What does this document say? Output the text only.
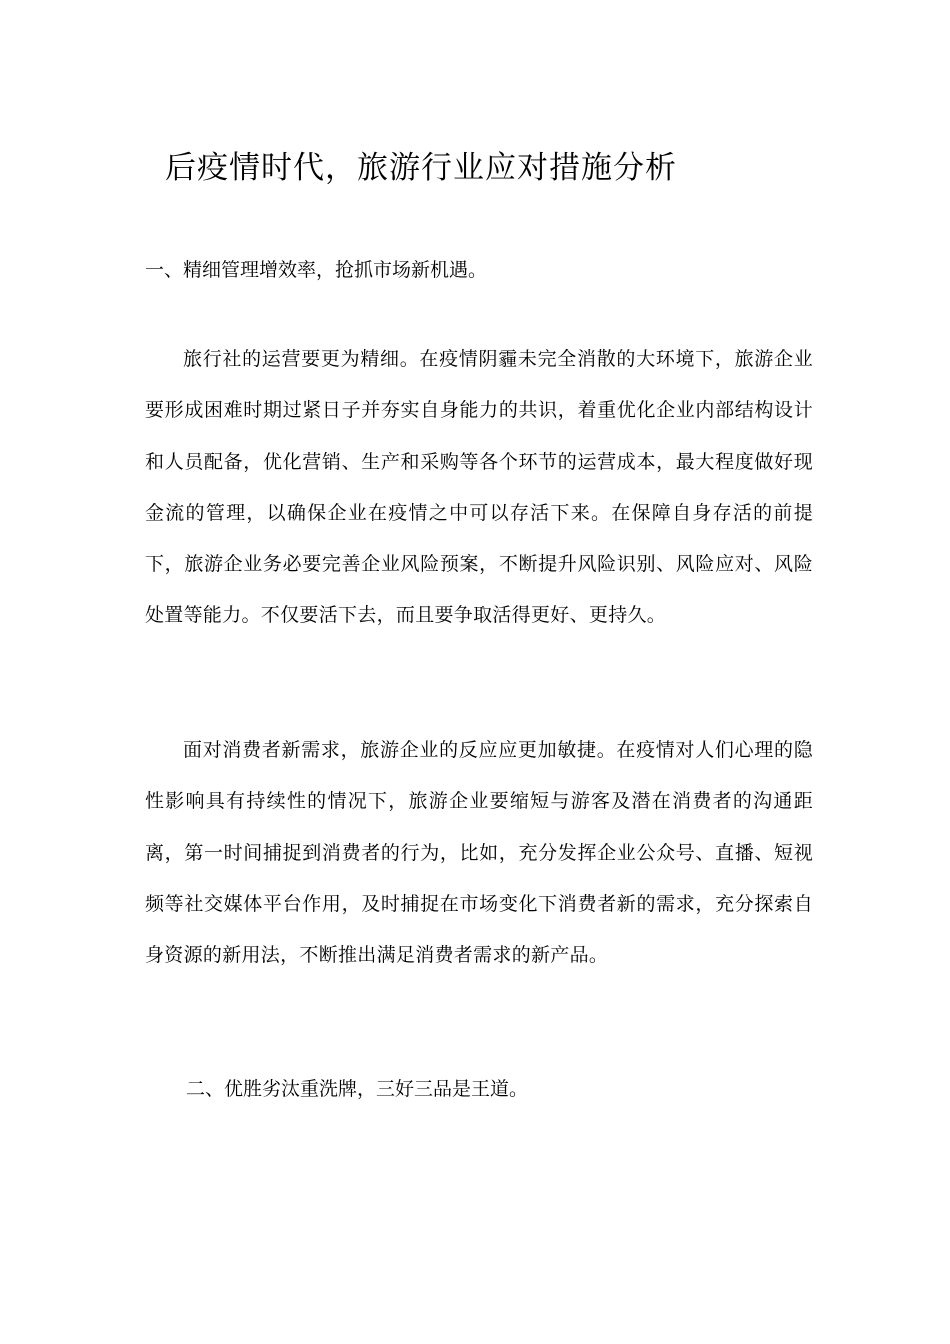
后疫情时代，旅游行业应对措施分析
一、精细管理增效率，抢抓市场新机遇。

旅行社的运营要更为精细。在疫情阴霾未完全消散的大环境下，旅游企业要形成困难时期过紧日子并夯实自身能力的共识，着重优化企业内部结构设计和人员配备，优化营销、生产和采购等各个环节的运营成本，最大程度做好现金流的管理，以确保企业在疫情之中可以存活下来。在保障自身存活的前提下，旅游企业务必要完善企业风险预案，不断提升风险识别、风险应对、风险处置等能力。不仅要活下去，而且要争取活得更好、更持久。

面对消费者新需求，旅游企业的反应应更加敏捷。在疫情对人们心理的隐性影响具有持续性的情况下，旅游企业要缩短与游客及潜在消费者的沟通距离，第一时间捕捉到消费者的行为，比如，充分发挥企业公众号、直播、短视频等社交媒体平台作用，及时捕捉在市场变化下消费者新的需求，充分探索自身资源的新用法，不断推出满足消费者需求的新产品。

二、优胜劣汰重洗牌，三好三品是王道。
